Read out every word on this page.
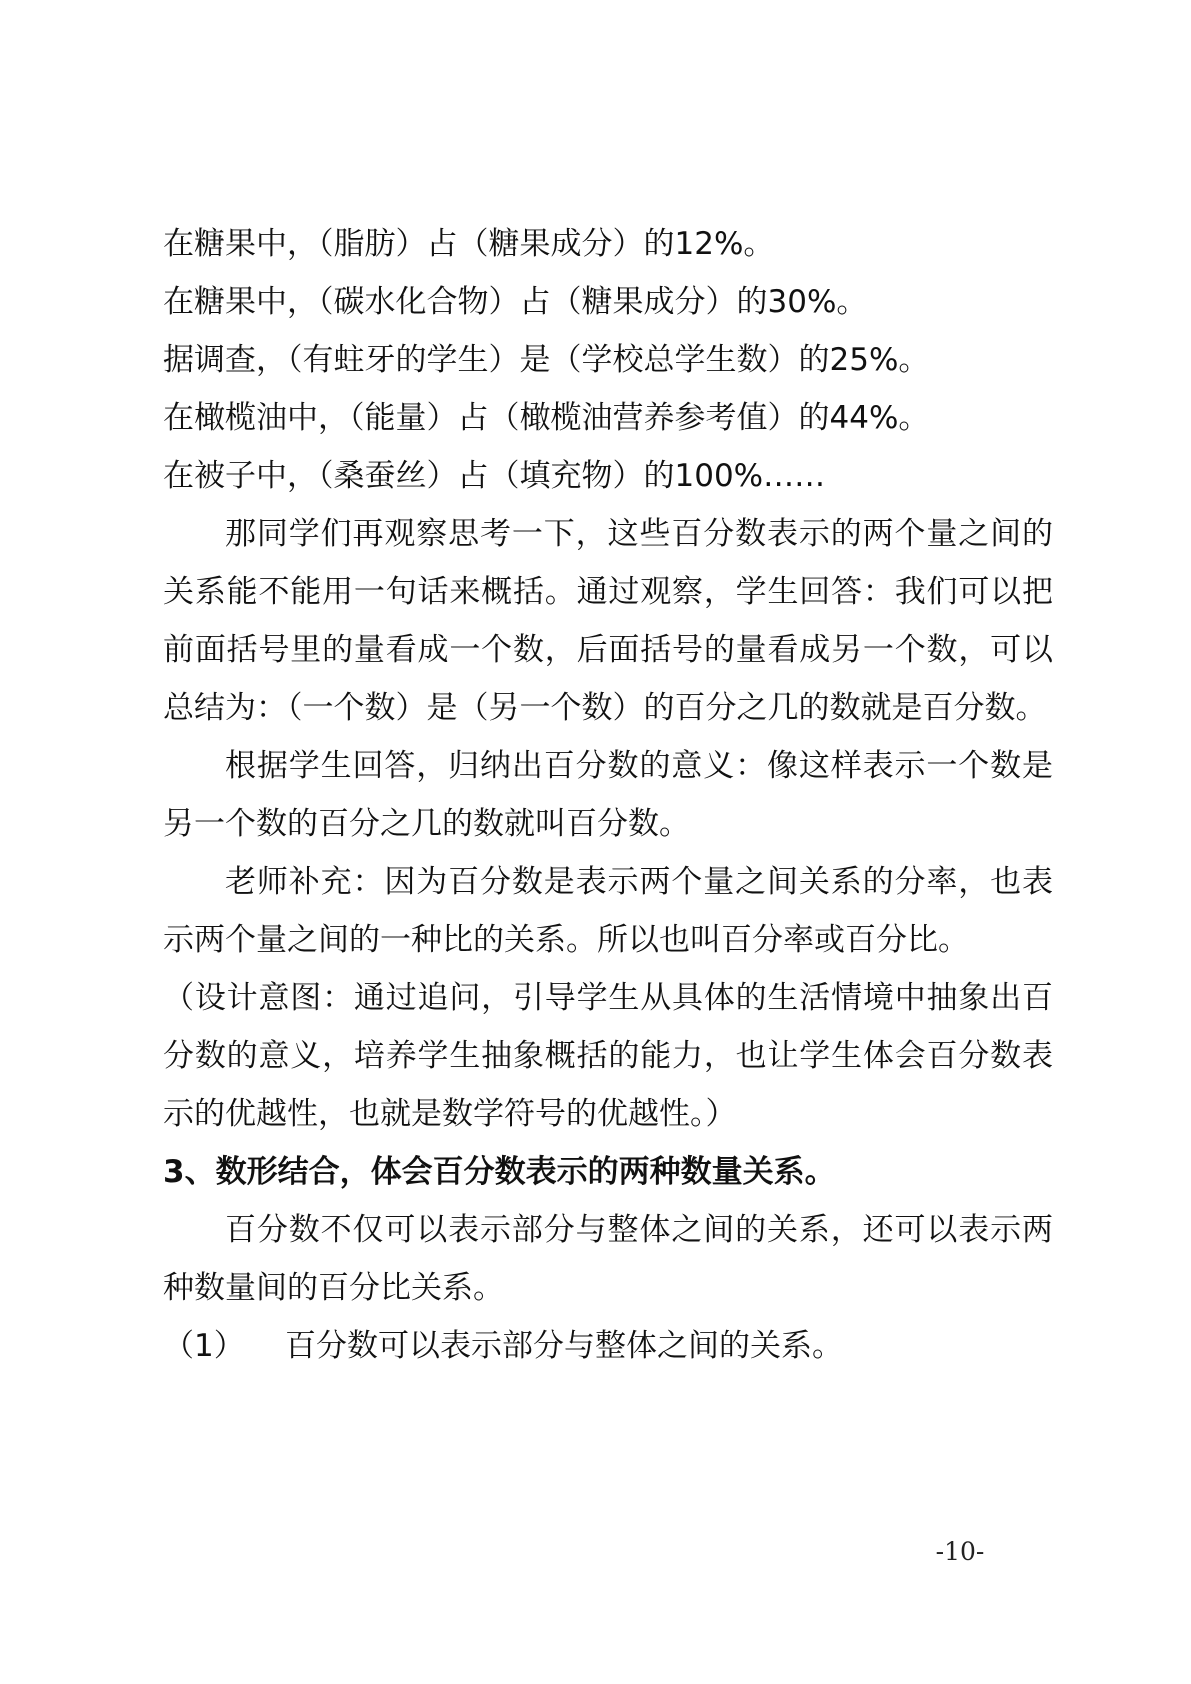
在糖果中，（脂肪）占（糖果成分）的12%。

在糖果中，（碳水化合物）占（糖果成分）的30%。

据调查，（有蛀牙的学生）是（学校总学生数）的25%。

在橄榄油中，（能量）占（橄榄油营养参考值）的44%。

在被子中，（桑蚕丝）占（填充物）的100%……

那同学们再观察思考一下，这些百分数表示的两个量之间的关系能不能用一句话来概括。通过观察，学生回答：我们可以把前面括号里的量看成一个数，后面括号的量看成另一个数，可以总结为：（一个数）是（另一个数）的百分之几的数就是百分数。

根据学生回答，归纳出百分数的意义：像这样表示一个数是另一个数的百分之几的数就叫百分数。

老师补充：因为百分数是表示两个量之间关系的分率，也表示两个量之间的一种比的关系。所以也叫百分率或百分比。

（设计意图：通过追问，引导学生从具体的生活情境中抽象出百分数的意义，培养学生抽象概括的能力，也让学生体会百分数表示的优越性，也就是数学符号的优越性。）

3、数形结合，体会百分数表示的两种数量关系。

百分数不仅可以表示部分与整体之间的关系，还可以表示两种数量间的百分比关系。

（1） 百分数可以表示部分与整体之间的关系。

-10-
